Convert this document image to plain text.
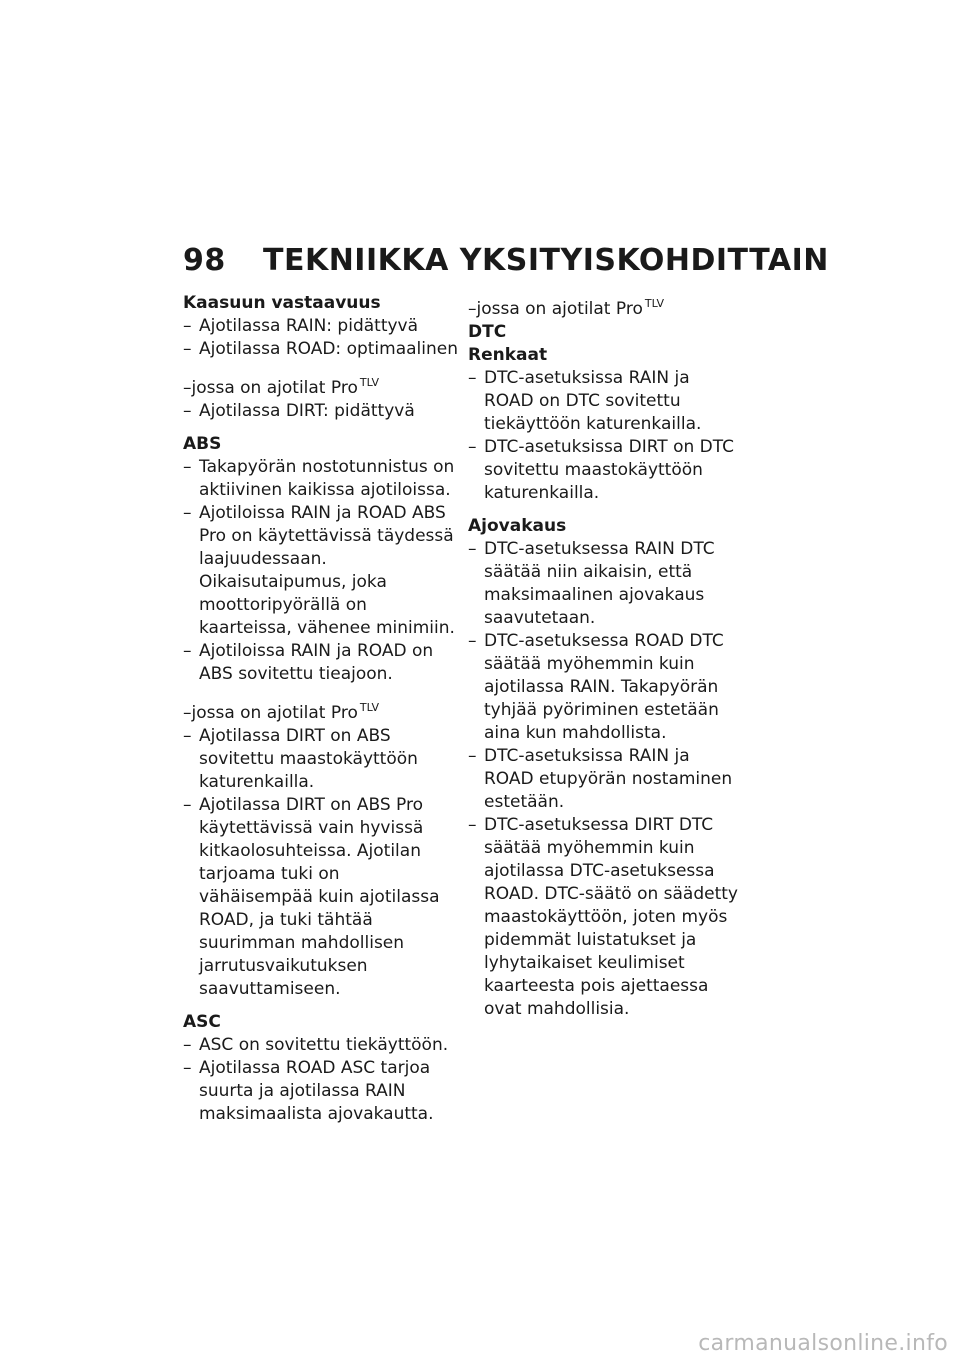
98	TEKNIIKKA YKSITYISKOHDITTAIN
Kaasuun vastaavuus
– Ajotilassa RAIN: pidättyvä
– Ajotilassa ROAD: optimaalinen
–jossa on ajotilat Pro $^{TLV}$
– Ajotilassa DIRT: pidättyvä
ABS
– Takapyörän nostotunnistus on aktiivinen kaikissa ajotiloissa.
– Ajotiloissa RAIN ja ROAD ABS Pro on käytettävissä täydessä laajuudessaan. Oikaisutaipumus, joka moottoripyörällä on kaarteissa, vähenee minimiin.
– Ajotiloissa RAIN ja ROAD on ABS sovitettu tieajoon.
–jossa on ajotilat Pro $^{TLV}$
– Ajotilassa DIRT on ABS sovitettu maastokäyttöön katurenkailla.
– Ajotilassa DIRT on ABS Pro käytettävissä vain hyvissä kitkaolosuhteissa. Ajotilan tarjoama tuki on vähäisempää kuin ajotilassa ROAD, ja tuki tähtää suurimman mahdollisen jarrutusvaikutuksen saavuttamiseen.
ASC
– ASC on sovitettu tiekäyttöön.
– Ajotilassa ROAD ASC tarjoa suurta ja ajotilassa RAIN maksimaalista ajovakautta.
–jossa on ajotilat Pro $^{TLV}$
DTC
Renkaat
– DTC-asetuksissa RAIN ja ROAD on DTC sovitettu tiekäyttöön katurenkailla.
– DTC-asetuksissa DIRT on DTC sovitettu maastokäyttöön katurenkailla.
Ajovakaus
– DTC-asetuksessa RAIN DTC säätää niin aikaisin, että maksimaalinen ajovakaus saavutetaan.
– DTC-asetuksessa ROAD DTC säätää myöhemmin kuin ajotilassa RAIN. Takapyörän tyhjää pyöriminen estetään aina kun mahdollista.
– DTC-asetuksissa RAIN ja ROAD etupyörän nostaminen estetään.
– DTC-asetuksessa DIRT DTC säätää myöhemmin kuin ajotilassa DTC-asetuksessa ROAD. DTC-säätö on säädetty maastokäyttöön, joten myös pidemmät luistatukset ja lyhytaikaiset keulimiset kaarteesta pois ajettaessa ovat mahdollisia.
carmanualsonline.info
